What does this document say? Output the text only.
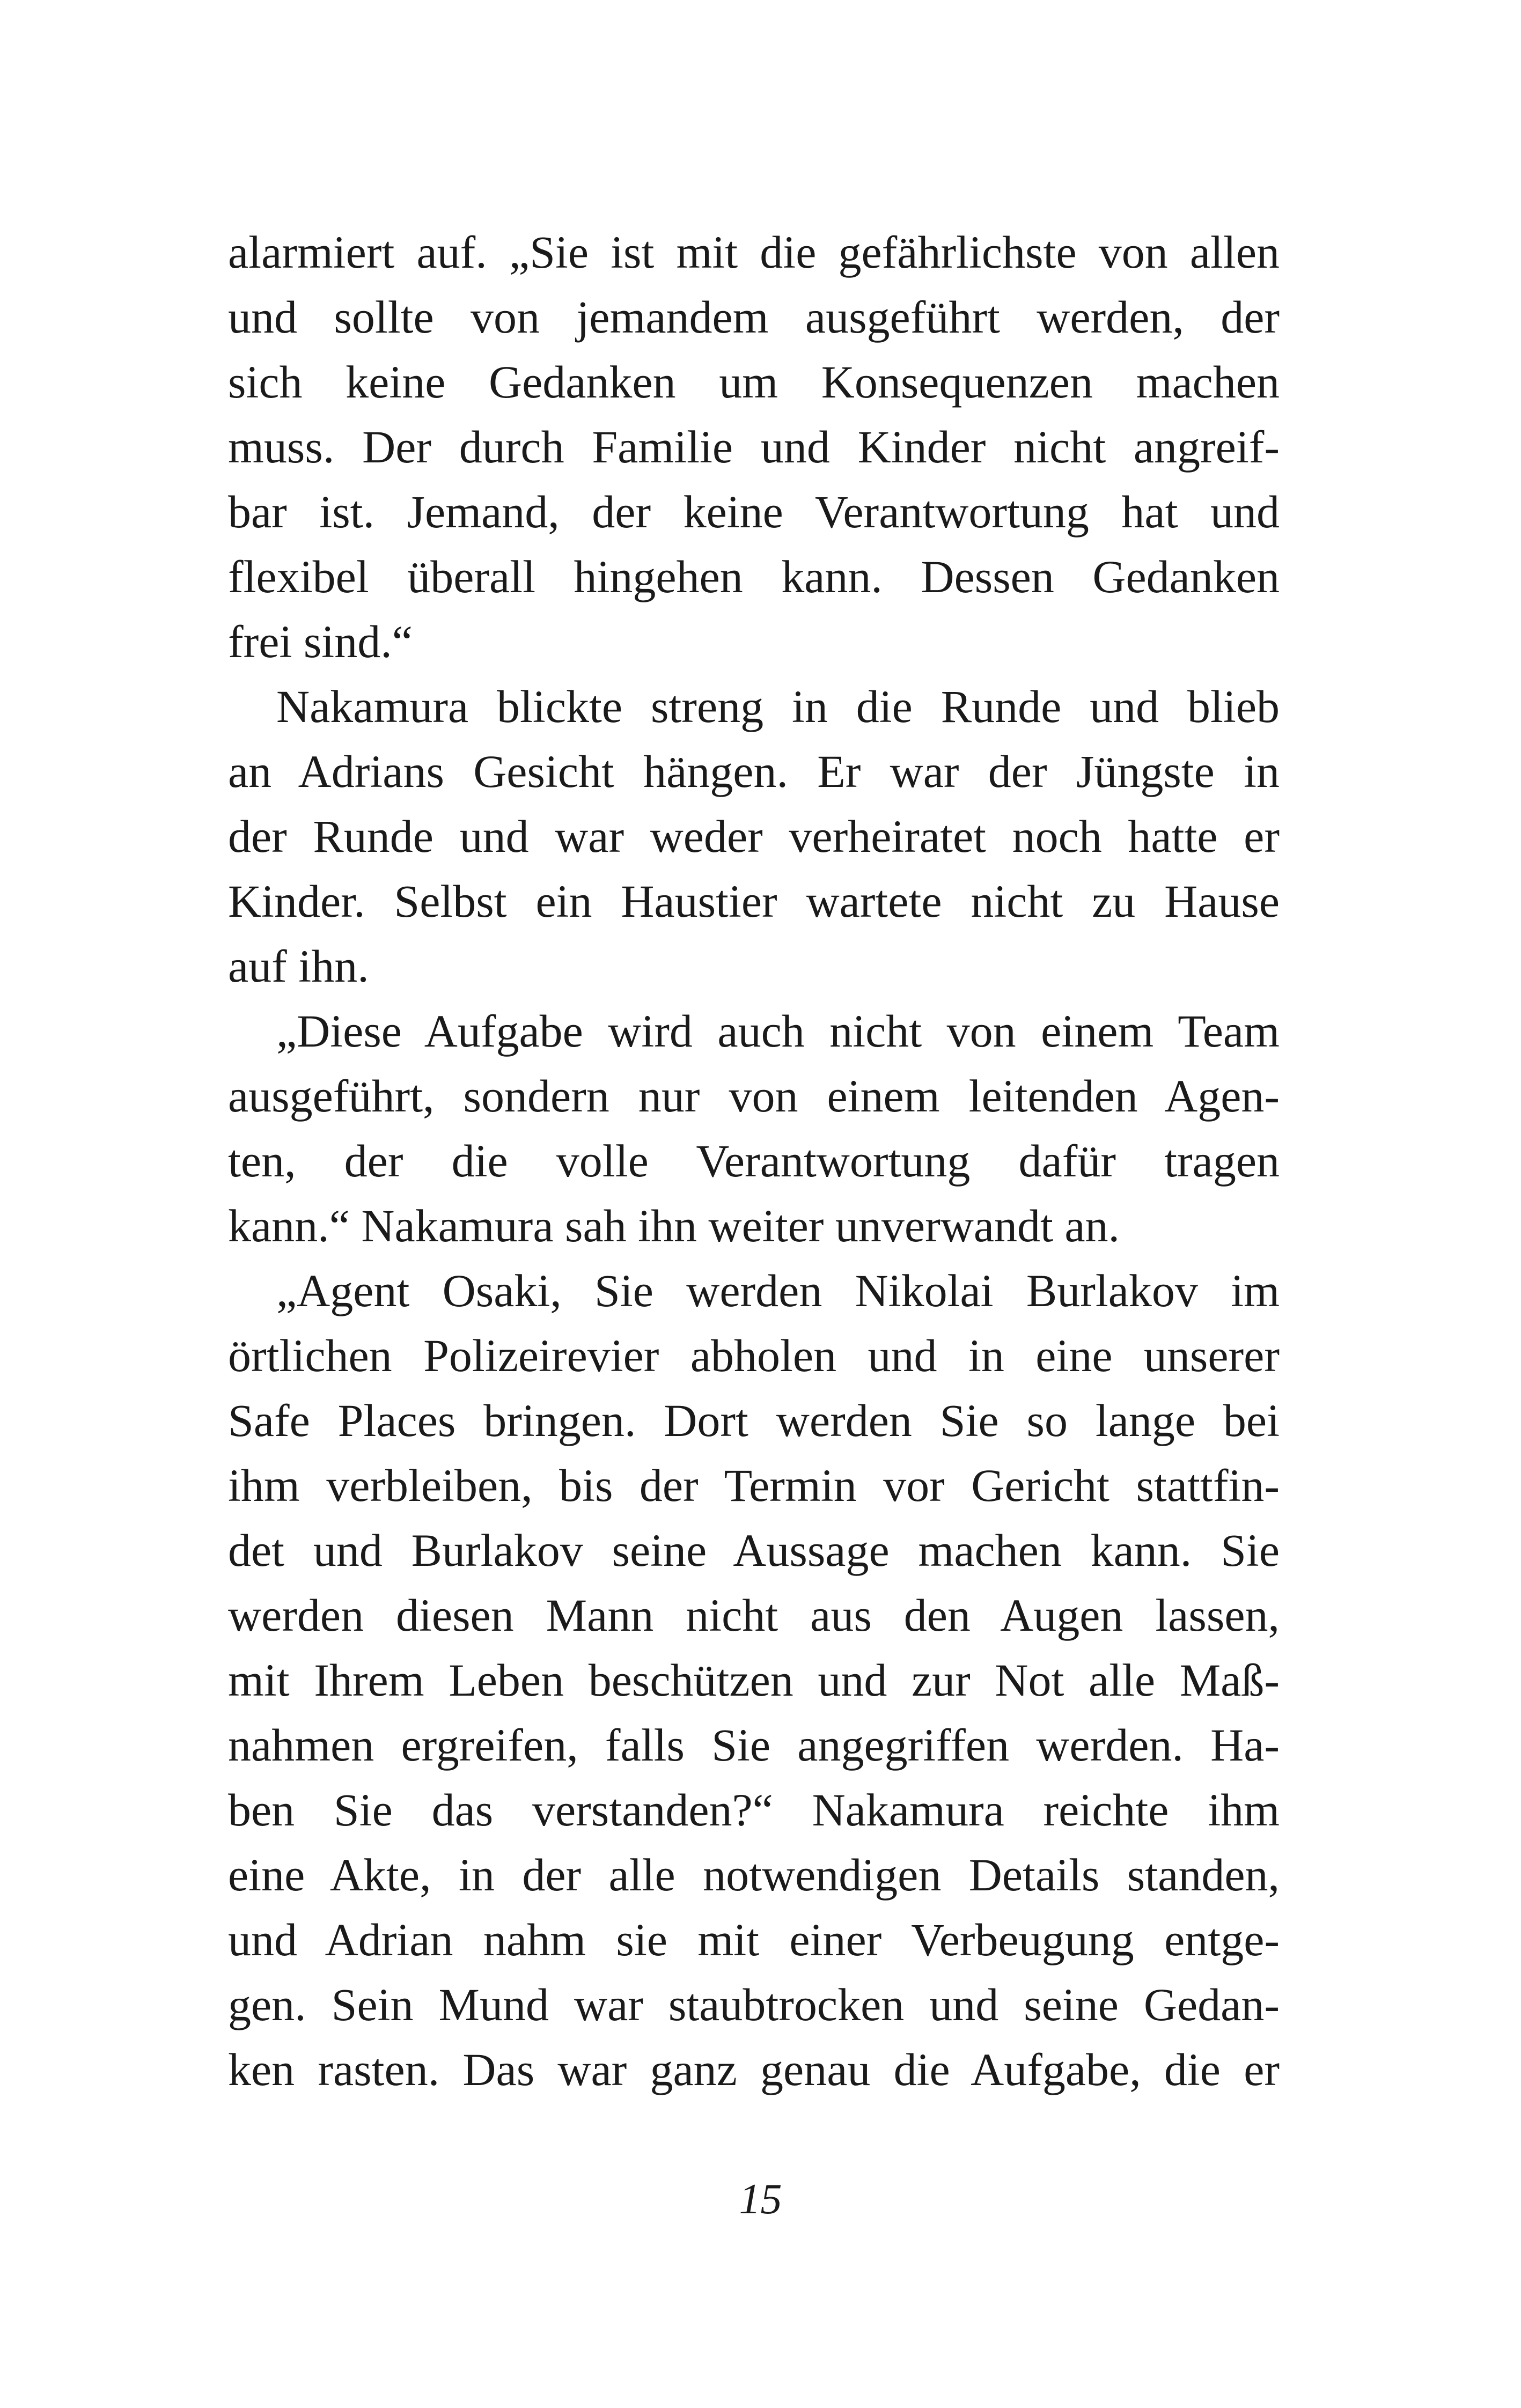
alarmiert auf. „Sie ist mit die gefährlichste von allen
und sollte von jemandem ausgeführt werden, der
sich keine Gedanken um Konsequenzen machen
muss. Der durch Familie und Kinder nicht angreif-
bar ist. Jemand, der keine Verantwortung hat und
flexibel überall hingehen kann. Dessen Gedanken
frei sind.“
Nakamura blickte streng in die Runde und blieb
an Adrians Gesicht hängen. Er war der Jüngste in
der Runde und war weder verheiratet noch hatte er
Kinder. Selbst ein Haustier wartete nicht zu Hause
auf ihn.
„Diese Aufgabe wird auch nicht von einem Team
ausgeführt, sondern nur von einem leitenden Agen-
ten, der die volle Verantwortung dafür tragen
kann.“ Nakamura sah ihn weiter unverwandt an.
„Agent Osaki, Sie werden Nikolai Burlakov im
örtlichen Polizeirevier abholen und in eine unserer
Safe Places bringen. Dort werden Sie so lange bei
ihm verbleiben, bis der Termin vor Gericht stattfin-
det und Burlakov seine Aussage machen kann. Sie
werden diesen Mann nicht aus den Augen lassen,
mit Ihrem Leben beschützen und zur Not alle Maß-
nahmen ergreifen, falls Sie angegriffen werden. Ha-
ben Sie das verstanden?“ Nakamura reichte ihm
eine Akte, in der alle notwendigen Details standen,
und Adrian nahm sie mit einer Verbeugung entge-
gen. Sein Mund war staubtrocken und seine Gedan-
ken rasten. Das war ganz genau die Aufgabe, die er
15
